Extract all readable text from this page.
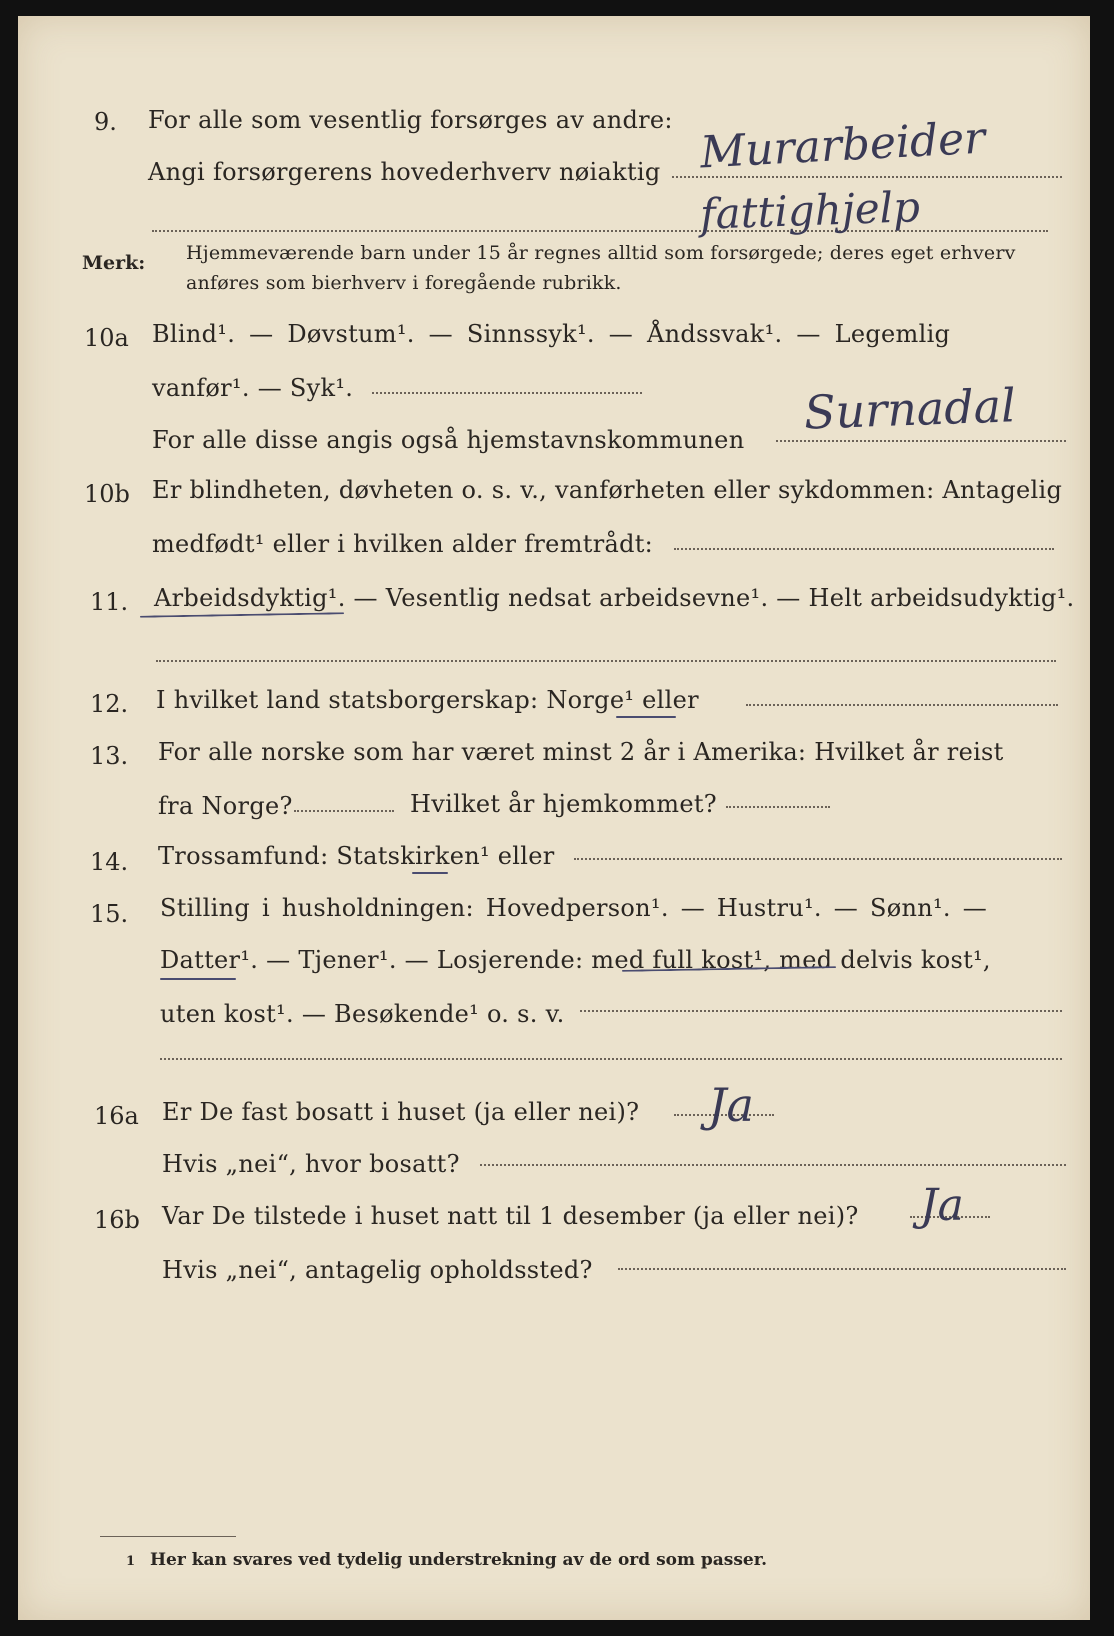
9. For alle som vesentlig forsørges av andre:
Angi forsørgerens hovederhverv nøiaktig Murarbeider
fattighjelp
Merk: Hjemmeværende barn under 15 år regnes alltid som forsørgede; deres eget erhverv
anføres som bierhverv i foregående rubrikk.
10a Blind¹. — Døvstum¹. — Sinnssyk¹. — Åndssvak¹. — Legemlig
vanfør¹. — Syk¹.
For alle disse angis også hjemstavnskommunen
Surnadal
10b Er blindheten, døvheten o. s. v., vanførheten eller sykdommen: Antagelig
medfødt¹ eller i hvilken alder fremtrådt:
11. Arbeidsdyktig¹. — Vesentlig nedsat arbeidsevne¹. — Helt arbeidsudyktig¹.
12. I hvilket land statsborgerskap: Norge¹ eller
13. For alle norske som har været minst 2 år i Amerika: Hvilket år reist
fra Norge?	Hvilket år hjemkommet?
14. Trossamfund: Statskirken¹ eller
15. Stilling i husholdningen: Hovedperson¹. — Hustru¹. — Sønn¹. —
Datter¹. — Tjener¹. — Losjerende: med full kost¹, med delvis kost¹,
uten kost¹. — Besøkende¹ o. s. v.
16a Er De fast bosatt i huset (ja eller nei)? Ja
Hvis „nei“, hvor bosatt?
16b Var De tilstede i huset natt til 1 desember (ja eller nei)? Ja
Hvis „nei“, antagelig opholdssted?
1 Her kan svares ved tydelig understrekning av de ord som passer.
